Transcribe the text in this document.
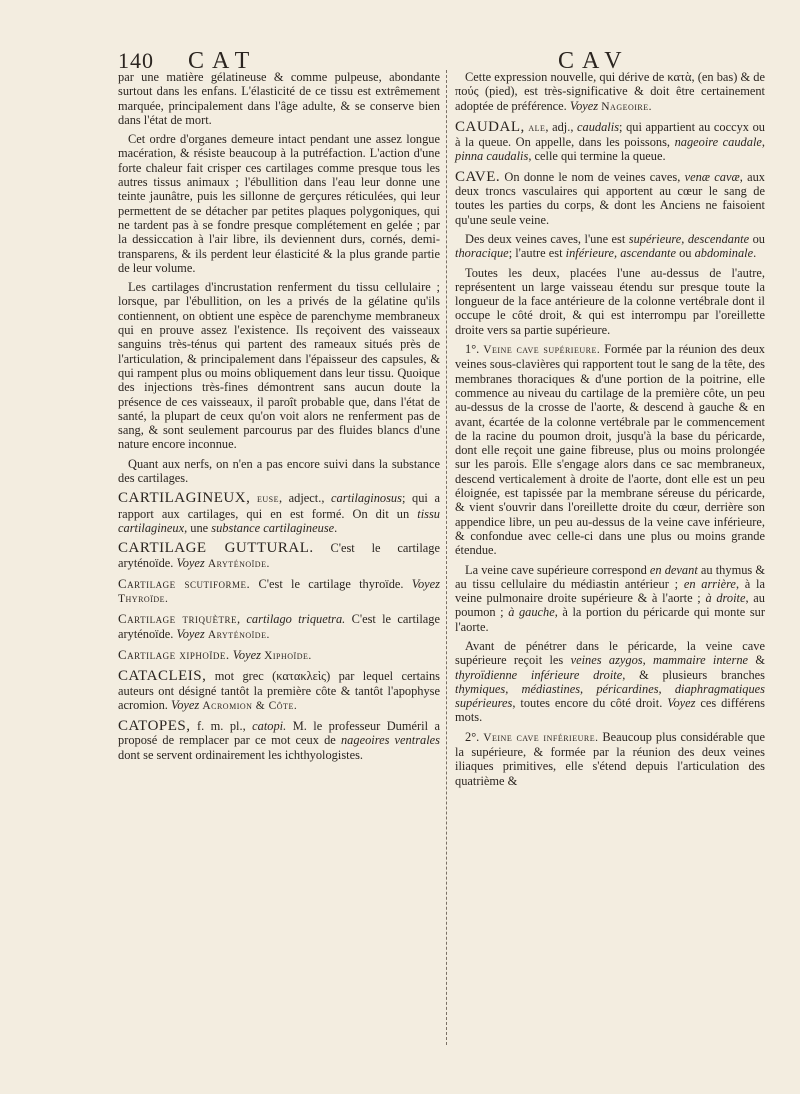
140 CAT	CAV

par une matière gélatineuse & comme pulpeuse, abondante surtout dans les enfans. L'élasticité de ce tissu est extrêmement marquée, principalement dans l'âge adulte, & se conserve bien dans l'état de mort.

Cet ordre d'organes demeure intact pendant une assez longue macération, & résiste beaucoup à la putréfaction. L'action d'une forte chaleur fait crisper ces cartilages comme presque tous les autres tissus animaux ; l'ébullition dans l'eau leur donne une teinte jaunâtre, puis les sillonne de gerçures réticulées, qui leur permettent de se détacher par petites plaques polygoniques, qui ne tardent pas à se fondre presque complétement en gelée ; par la dessiccation à l'air libre, ils deviennent durs, cornés, demi-transparens, & ils perdent leur élasticité & la plus grande partie de leur volume.

Les cartilages d'incrustation renferment du tissu cellulaire ; lorsque, par l'ébullition, on les a privés de la gélatine qu'ils contiennent, on obtient une espèce de parenchyme membraneux qui en prouve assez l'existence. Ils reçoivent des vaisseaux sanguins très-ténus qui partent des rameaux situés près de l'articulation, & principalement dans l'épaisseur des capsules, & qui rampent plus ou moins obliquement dans leur tissu. Quoique des injections très-fines démontrent sans aucun doute la présence de ces vaisseaux, il paroît probable que, dans l'état de santé, la plupart de ceux qu'on voit alors ne renferment pas de sang, & sont seulement parcourus par des fluides blancs d'une nature encore inconnue.

Quant aux nerfs, on n'en a pas encore suivi dans la substance des cartilages.

CARTILAGINEUX, euse, adject., cartilaginosus; qui a rapport aux cartilages, qui en est formé. On dit un tissu cartilagineux, une substance cartilagineuse.

CARTILAGE GUTTURAL. C'est le cartilage aryténoïde. Voyez Aryténoïde.

Cartilage scutiforme. C'est le cartilage thyroïde. Voyez Thyroïde.

Cartilage triquètre, cartilago triquetra. C'est le cartilage aryténoïde. Voyez Aryténoïde.

Cartilage xiphoïde. Voyez Xiphoïde.

CATACLEIS, mot grec (κατακλεὶς) par lequel certains auteurs ont désigné tantôt la première côte & tantôt l'apophyse acromion. Voyez Acromion & Côte.

CATOPES, f. m. pl., catopi. M. le professeur Duméril a proposé de remplacer par ce mot ceux de nageoires ventrales dont se servent ordinairement les ichthyologistes.

Cette expression nouvelle, qui dérive de κατὰ, (en bas) & de πούς (pied), est très-significative & doit être certainement adoptée de préférence. Voyez Nageoire.

CAUDAL, ale, adj., caudalis; qui appartient au coccyx ou à la queue. On appelle, dans les poissons, nageoire caudale, pinna caudalis, celle qui termine la queue.

CAVE. On donne le nom de veines caves, venæ cavæ, aux deux troncs vasculaires qui apportent au cœur le sang de toutes les parties du corps, & dont les Anciens ne faisoient qu'une seule veine.

Des deux veines caves, l'une est supérieure, descendante ou thoracique; l'autre est inférieure, ascendante ou abdominale.

Toutes les deux, placées l'une au-dessus de l'autre, représentent un large vaisseau étendu sur presque toute la longueur de la face antérieure de la colonne vertébrale dont il occupe le côté droit, & qui est interrompu par l'oreillette droite vers sa partie supérieure.

1°. Veine cave supérieure. Formée par la réunion des deux veines sous-clavières qui rapportent tout le sang de la tête, des membranes thoraciques & d'une portion de la poitrine, elle commence au niveau du cartilage de la première côte, un peu au-dessus de la crosse de l'aorte, & descend à gauche & en avant, écartée de la colonne vertébrale par le commencement de la racine du poumon droit, jusqu'à la base du péricarde, dont elle reçoit une gaine fibreuse, plus ou moins prolongée sur les parois. Elle s'engage alors dans ce sac membraneux, descend verticalement à droite de l'aorte, dont elle est un peu éloignée, est tapissée par la membrane séreuse du péricarde, & vient s'ouvrir dans l'oreillette droite du cœur, derrière son appendice libre, un peu au-dessus de la veine cave inférieure, & confondue avec celle-ci dans une plus ou moins grande étendue.

La veine cave supérieure correspond en devant au thymus & au tissu cellulaire du médiastin antérieur ; en arrière, à la veine pulmonaire droite supérieure & à l'aorte ; à droite, au poumon ; à gauche, à la portion du péricarde qui monte sur l'aorte.

Avant de pénétrer dans le péricarde, la veine cave supérieure reçoit les veines azygos, mammaire interne & thyroïdienne inférieure droite, & plusieurs branches thymiques, médiastines, péricardines, diaphragmatiques supérieures, toutes encore du côté droit. Voyez ces différens mots.

2°. Veine cave inférieure. Beaucoup plus considérable que la supérieure, & formée par la réunion des deux veines iliaques primitives, elle s'étend depuis l'articulation des quatrième &
